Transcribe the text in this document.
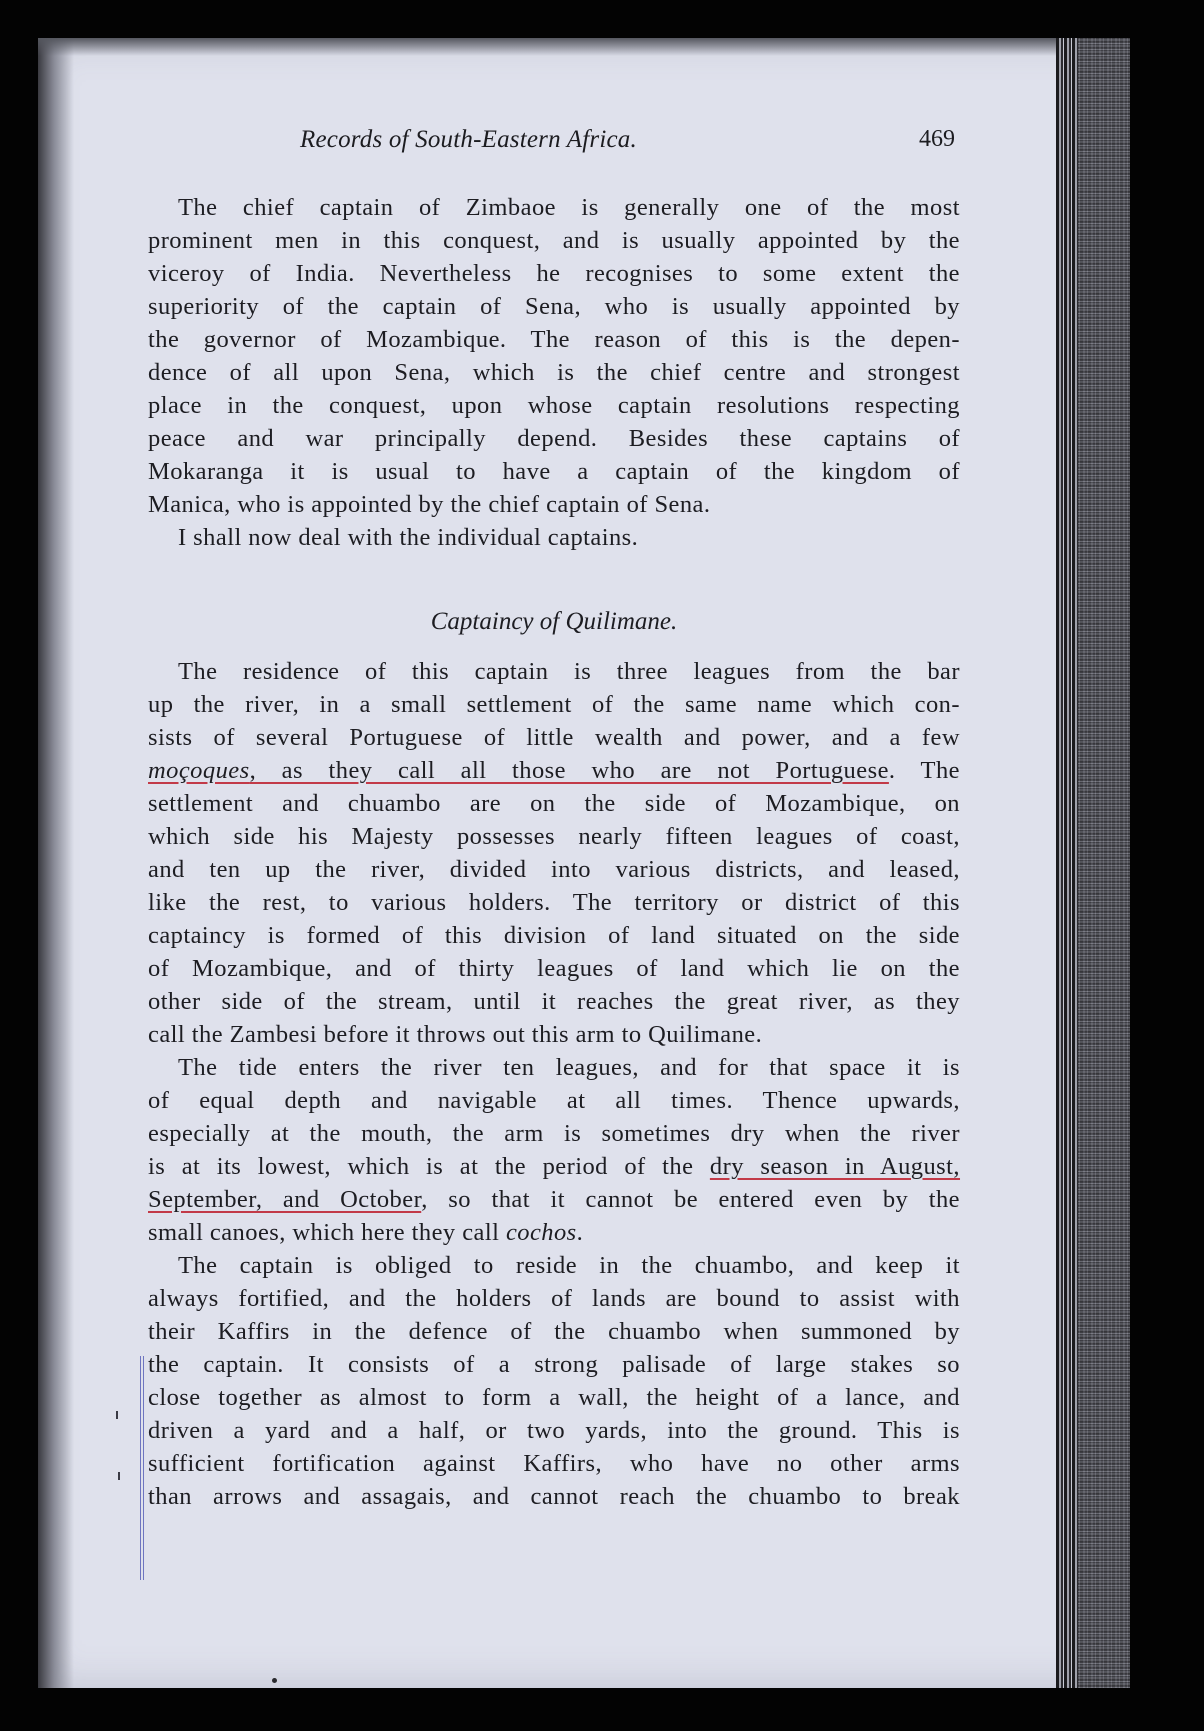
Records of South-Eastern Africa.	469
The chief captain of Zimbaoe is generally one of the most
prominent men in this conquest, and is usually appointed by the
viceroy of India. Nevertheless he recognises to some extent the
superiority of the captain of Sena, who is usually appointed by
the governor of Mozambique. The reason of this is the depen-
dence of all upon Sena, which is the chief centre and strongest
place in the conquest, upon whose captain resolutions respecting
peace and war principally depend. Besides these captains of
Mokaranga it is usual to have a captain of the kingdom of
Manica, who is appointed by the chief captain of Sena.
I shall now deal with the individual captains.
Captaincy of Quilimane.
The residence of this captain is three leagues from the bar
up the river, in a small settlement of the same name which con-
sists of several Portuguese of little wealth and power, and a few
moçoques, as they call all those who are not Portuguese. The
settlement and chuambo are on the side of Mozambique, on
which side his Majesty possesses nearly fifteen leagues of coast,
and ten up the river, divided into various districts, and leased,
like the rest, to various holders. The territory or district of this
captaincy is formed of this division of land situated on the side
of Mozambique, and of thirty leagues of land which lie on the
other side of the stream, until it reaches the great river, as they
call the Zambesi before it throws out this arm to Quilimane.
The tide enters the river ten leagues, and for that space it is
of equal depth and navigable at all times. Thence upwards,
especially at the mouth, the arm is sometimes dry when the river
is at its lowest, which is at the period of the dry season in August,
September, and October, so that it cannot be entered even by the
small canoes, which here they call cochos.
The captain is obliged to reside in the chuambo, and keep it
always fortified, and the holders of lands are bound to assist with
their Kaffirs in the defence of the chuambo when summoned by
the captain. It consists of a strong palisade of large stakes so
close together as almost to form a wall, the height of a lance, and
driven a yard and a half, or two yards, into the ground. This is
sufficient fortification against Kaffirs, who have no other arms
than arrows and assagais, and cannot reach the chuambo to break
